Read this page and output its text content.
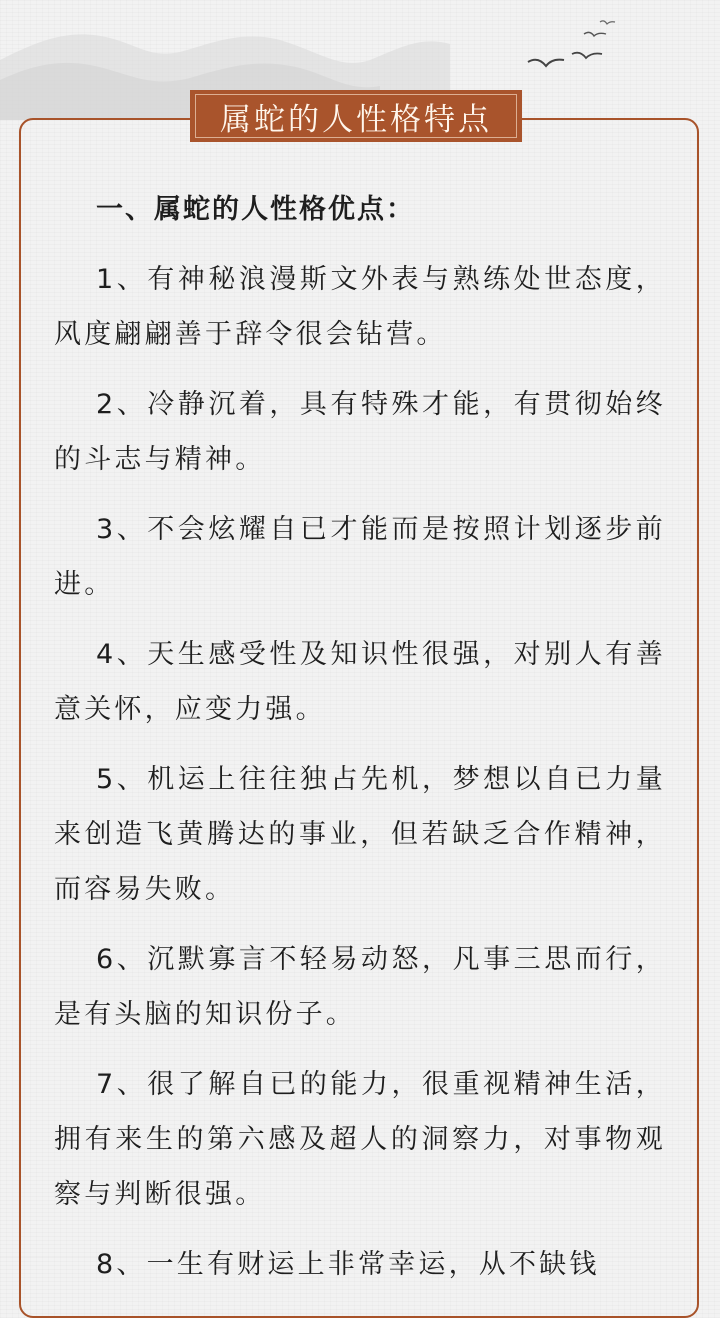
属蛇的人性格特点

一、属蛇的人性格优点：

1、有神秘浪漫斯文外表与熟练处世态度，风度翩翩善于辞令很会钻营。

2、冷静沉着，具有特殊才能，有贯彻始终的斗志与精神。

3、不会炫耀自已才能而是按照计划逐步前进。

4、天生感受性及知识性很强，对别人有善意关怀，应变力强。

5、机运上往往独占先机，梦想以自已力量来创造飞黄腾达的事业，但若缺乏合作精神，而容易失败。

6、沉默寡言不轻易动怒，凡事三思而行，是有头脑的知识份子。

7、很了解自已的能力，很重视精神生活，拥有来生的第六感及超人的洞察力，对事物观察与判断很强。

8、一生有财运上非常幸运，从不缺钱
